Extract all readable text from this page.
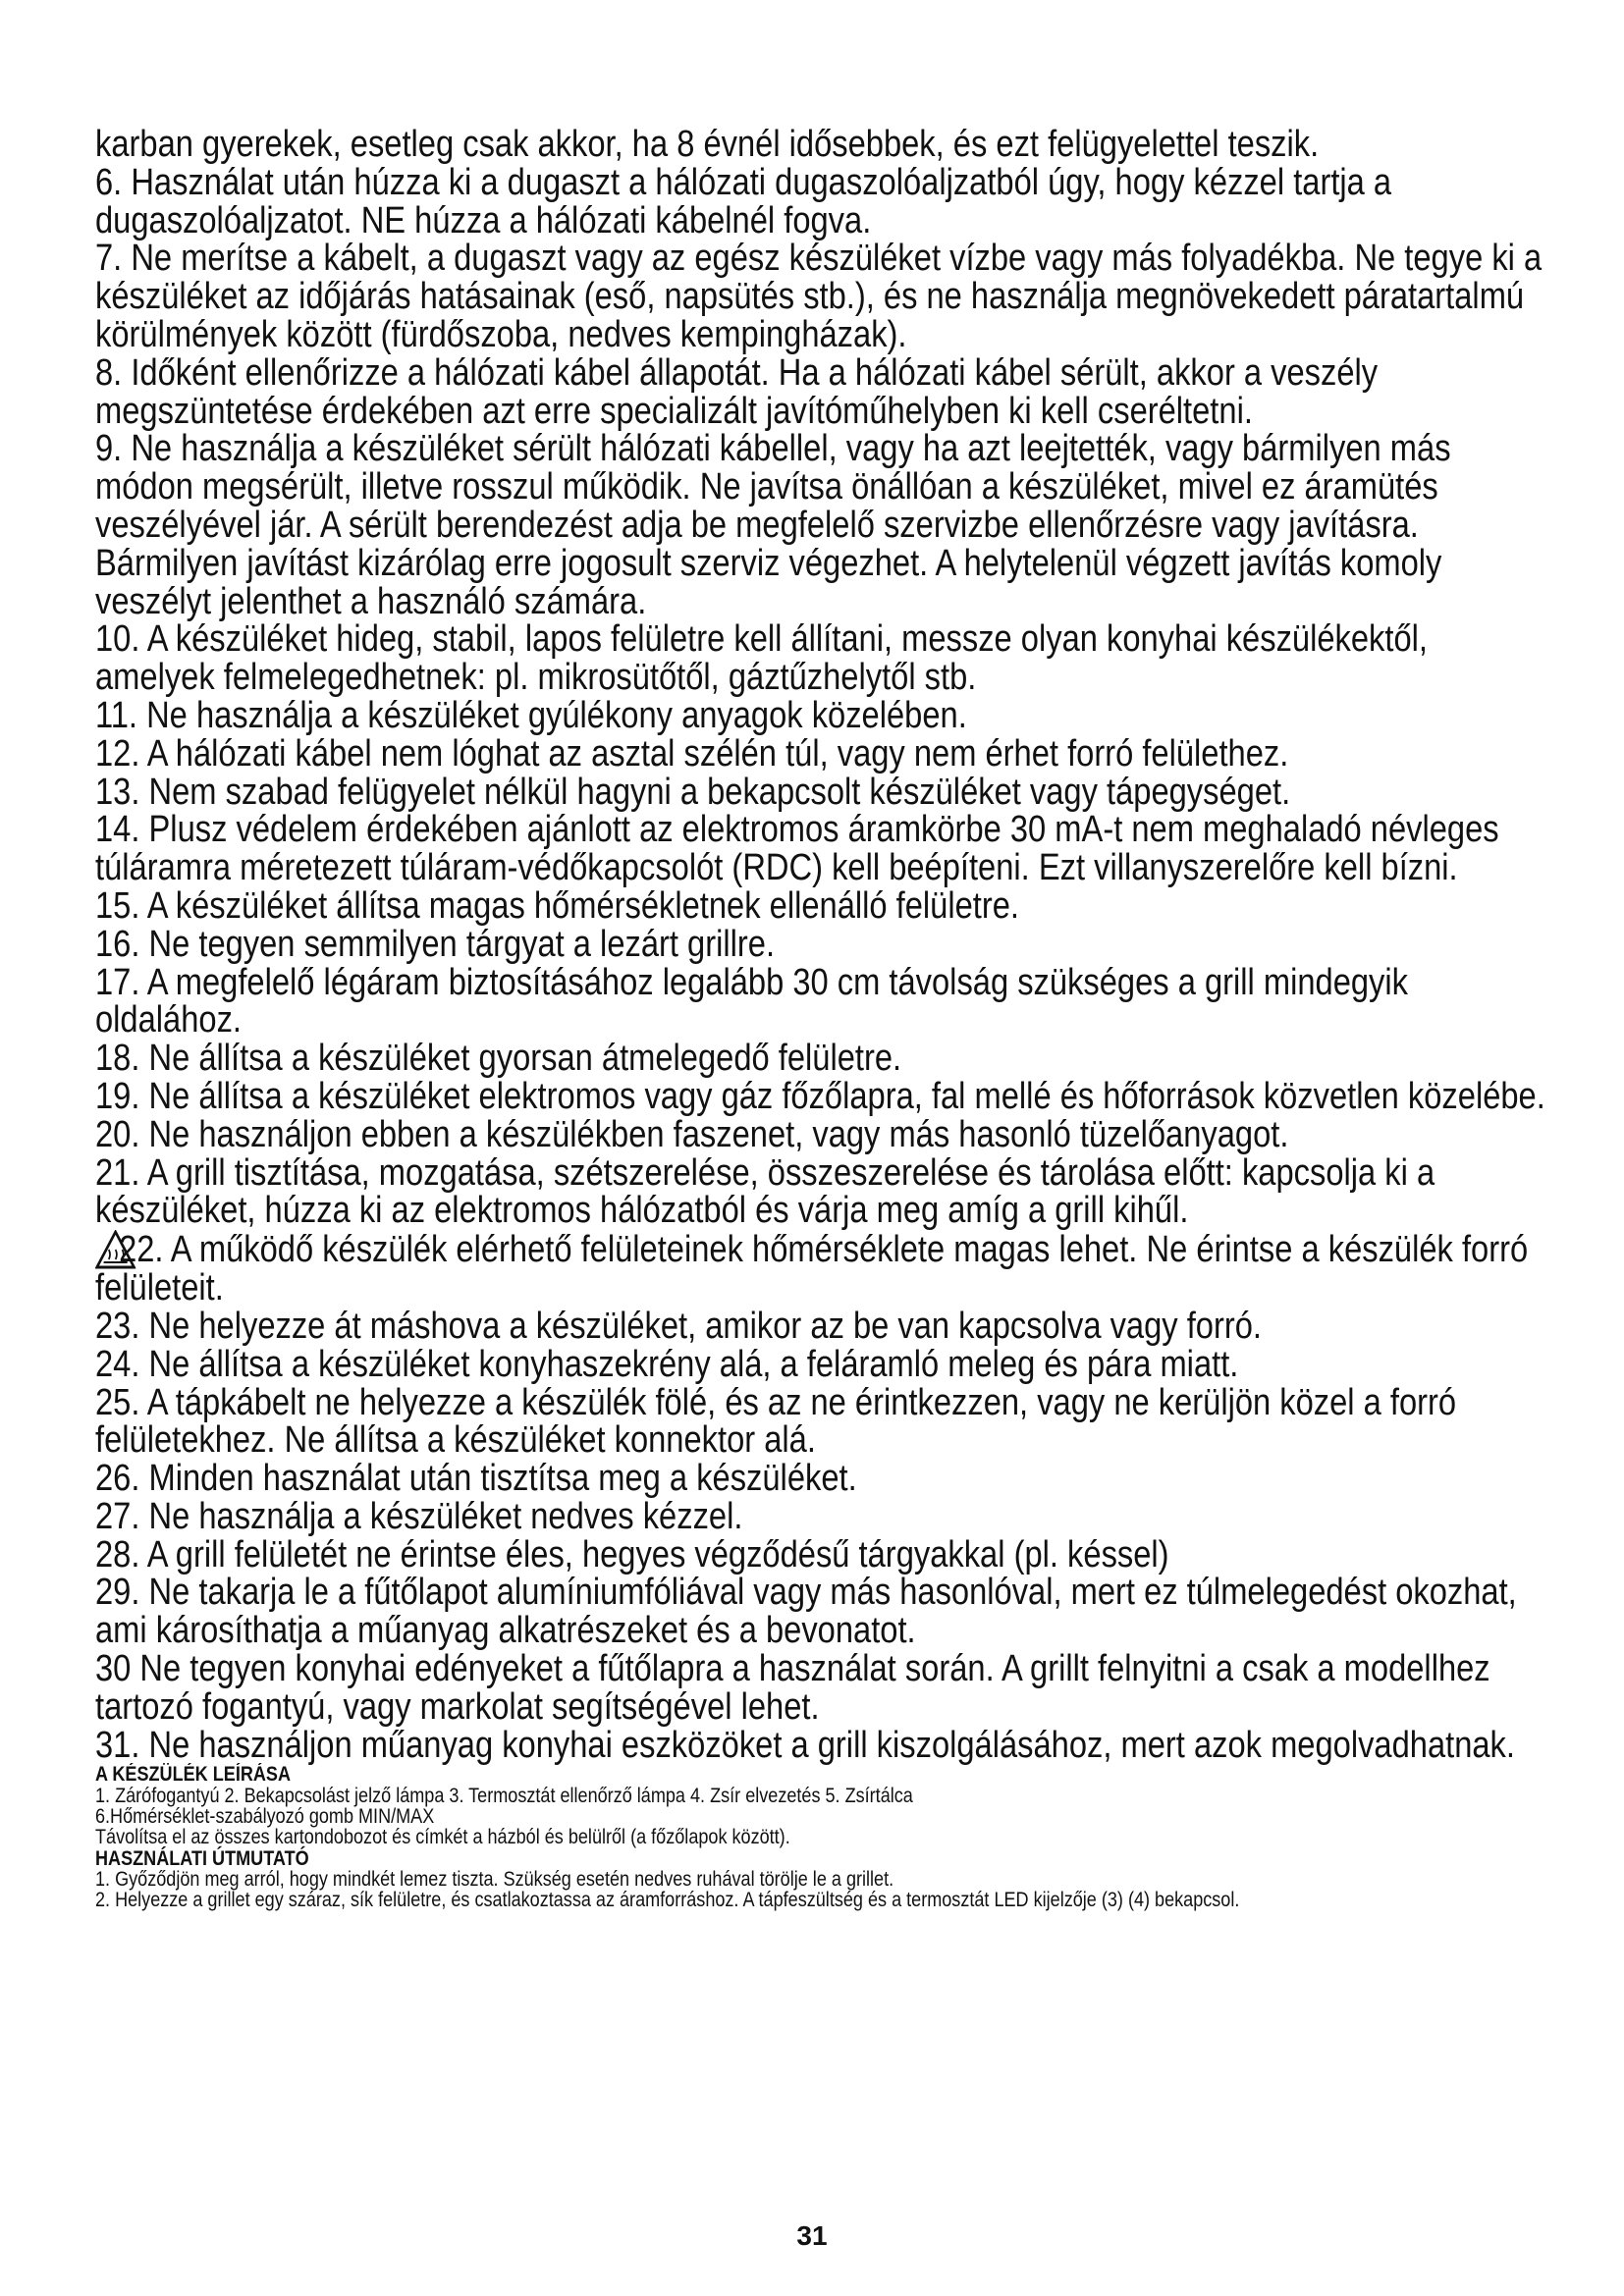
karban gyerekek, esetleg csak akkor, ha 8 évnél idősebbek, és ezt felügyelettel teszik.

6. Használat után húzza ki a dugaszt a hálózati dugaszolóaljzatból úgy, hogy kézzel tartja a dugaszolóaljzatot. NE húzza a hálózati kábelnél fogva.

7. Ne merítse a kábelt, a dugaszt vagy az egész készüléket vízbe vagy más folyadékba. Ne tegye ki a készüléket az időjárás hatásainak (eső, napsütés stb.), és ne használja megnövekedett páratartalmú körülmények között (fürdőszoba, nedves kempingházak).

8. Időként ellenőrizze a hálózati kábel állapotát. Ha a hálózati kábel sérült, akkor a veszély megszüntetése érdekében azt erre specializált javítóműhelyben ki kell cseréltetni.

9. Ne használja a készüléket sérült hálózati kábellel, vagy ha azt leejtették, vagy bármilyen más módon megsérült, illetve rosszul működik. Ne javítsa önállóan a készüléket, mivel ez áramütés veszélyével jár. A sérült berendezést adja be megfelelő szervizbe ellenőrzésre vagy javításra. Bármilyen javítást kizárólag erre jogosult szerviz végezhet. A helytelenül végzett javítás komoly veszélyt jelenthet a használó számára.

10. A készüléket hideg, stabil, lapos felületre kell állítani, messze olyan konyhai készülékektől, amelyek felmelegedhetnek: pl. mikrosütőtől, gáztűzhelytől stb.

11. Ne használja a készüléket gyúlékony anyagok közelében.

12. A hálózati kábel nem lóghat az asztal szélén túl, vagy nem érhet forró felülethez.

13. Nem szabad felügyelet nélkül hagyni a bekapcsolt készüléket vagy tápegységet.

14. Plusz védelem érdekében ajánlott az elektromos áramkörbe 30 mA-t nem meghaladó névleges túláramra méretezett túláram-védőkapcsolót (RDC) kell beépíteni. Ezt villanyszerelőre kell bízni.

15. A készüléket állítsa magas hőmérsékletnek ellenálló felületre.

16. Ne tegyen semmilyen tárgyat a lezárt grillre.

17. A megfelelő légáram biztosításához legalább 30 cm távolság szükséges a grill mindegyik oldalához.

18. Ne állítsa a készüléket gyorsan átmelegedő felületre.

19. Ne állítsa a készüléket elektromos vagy gáz főzőlapra, fal mellé és hőforrások közvetlen közelébe.

20. Ne használjon ebben a készülékben faszenet, vagy más hasonló tüzelőanyagot.

21. A grill tisztítása, mozgatása, szétszerelése, összeszerelése és tárolása előtt: kapcsolja ki a készüléket, húzza ki az elektromos hálózatból és várja meg amíg a grill kihűl.

22. A működő készülék elérhető felületeinek hőmérséklete magas lehet. Ne érintse a készülék forró felületeit.

23. Ne helyezze át máshova a készüléket, amikor az be van kapcsolva vagy forró.

24. Ne állítsa a készüléket konyhaszekrény alá, a feláramló meleg és pára miatt.

25. A tápkábelt ne helyezze a készülék fölé, és az ne érintkezzen, vagy ne kerüljön közel a forró felületekhez. Ne állítsa a készüléket konnektor alá.

26. Minden használat után tisztítsa meg a készüléket.

27. Ne használja a készüléket nedves kézzel.

28. A grill felületét ne érintse éles, hegyes végződésű tárgyakkal (pl. késsel)

29. Ne takarja le a fűtőlapot alumíniumfóliával vagy más hasonlóval, mert ez túlmelegedést okozhat, ami károsíthatja a műanyag alkatrészeket és a bevonatot.

30 Ne tegyen konyhai edényeket a fűtőlapra a használat során. A grillt felnyitni a csak a modellhez tartozó fogantyú, vagy markolat segítségével lehet.

31. Ne használjon műanyag konyhai eszközöket a grill kiszolgálásához, mert azok megolvadhatnak.

A KÉSZÜLÉK LEÍRÁSA

1. Zárófogantyú 2. Bekapcsolást jelző lámpa 3. Termosztát ellenőrző lámpa 4. Zsír elvezetés 5. Zsírtálca

6.Hőmérséklet-szabályozó gomb MIN/MAX

Távolítsa el az összes kartondobozot és címkét a házból és belülről (a főzőlapok között).

HASZNÁLATI ÚTMUTATÓ

1. Győződjön meg arról, hogy mindkét lemez tiszta. Szükség esetén nedves ruhával törölje le a grillet.

2. Helyezze a grillet egy száraz, sík felületre, és csatlakoztassa az áramforráshoz. A tápfeszültség és a termosztát LED kijelzője (3) (4) bekapcsol.

31
